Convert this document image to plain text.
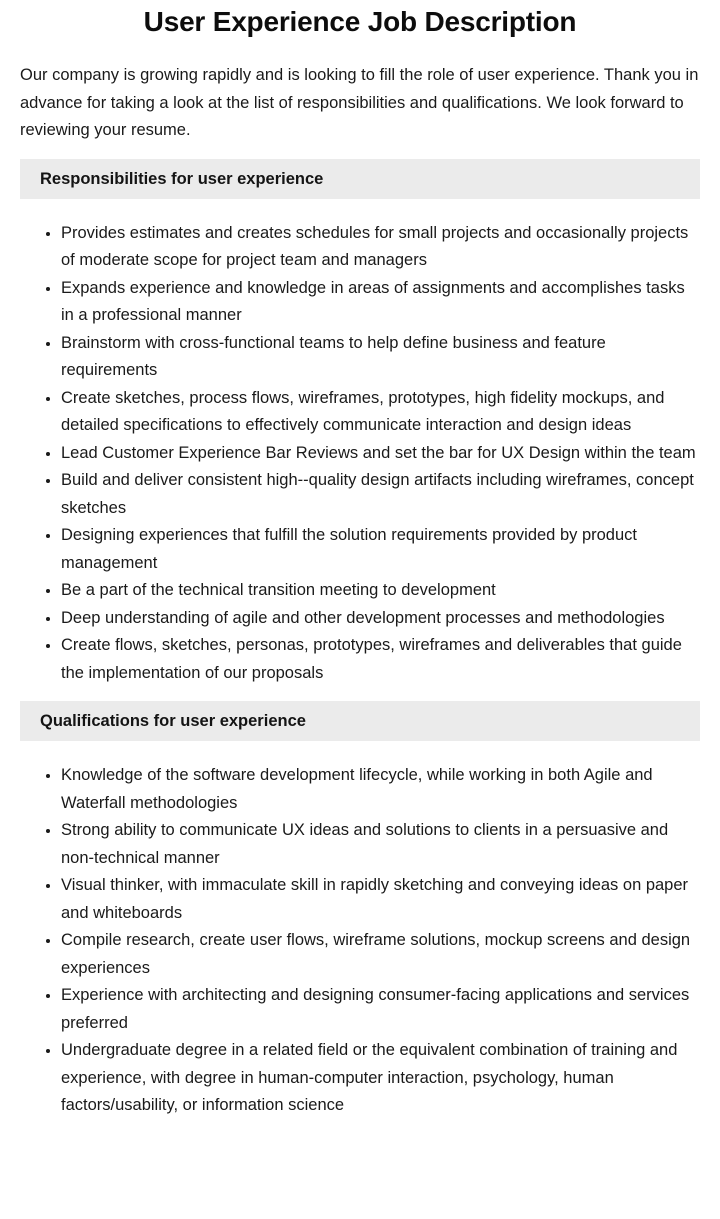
User Experience Job Description

Our company is growing rapidly and is looking to fill the role of user experience. Thank you in advance for taking a look at the list of responsibilities and qualifications. We look forward to reviewing your resume.

Responsibilities for user experience
• Provides estimates and creates schedules for small projects and occasionally projects of moderate scope for project team and managers
• Expands experience and knowledge in areas of assignments and accomplishes tasks in a professional manner
• Brainstorm with cross-functional teams to help define business and feature requirements
• Create sketches, process flows, wireframes, prototypes, high fidelity mockups, and detailed specifications to effectively communicate interaction and design ideas
• Lead Customer Experience Bar Reviews and set the bar for UX Design within the team
• Build and deliver consistent high--quality design artifacts including wireframes, concept sketches
• Designing experiences that fulfill the solution requirements provided by product management
• Be a part of the technical transition meeting to development
• Deep understanding of agile and other development processes and methodologies
• Create flows, sketches, personas, prototypes, wireframes and deliverables that guide the implementation of our proposals
Qualifications for user experience
• Knowledge of the software development lifecycle, while working in both Agile and Waterfall methodologies
• Strong ability to communicate UX ideas and solutions to clients in a persuasive and non-technical manner
• Visual thinker, with immaculate skill in rapidly sketching and conveying ideas on paper and whiteboards
• Compile research, create user flows, wireframe solutions, mockup screens and design experiences
• Experience with architecting and designing consumer-facing applications and services preferred
• Undergraduate degree in a related field or the equivalent combination of training and experience, with degree in human-computer interaction, psychology, human factors/usability, or information science
